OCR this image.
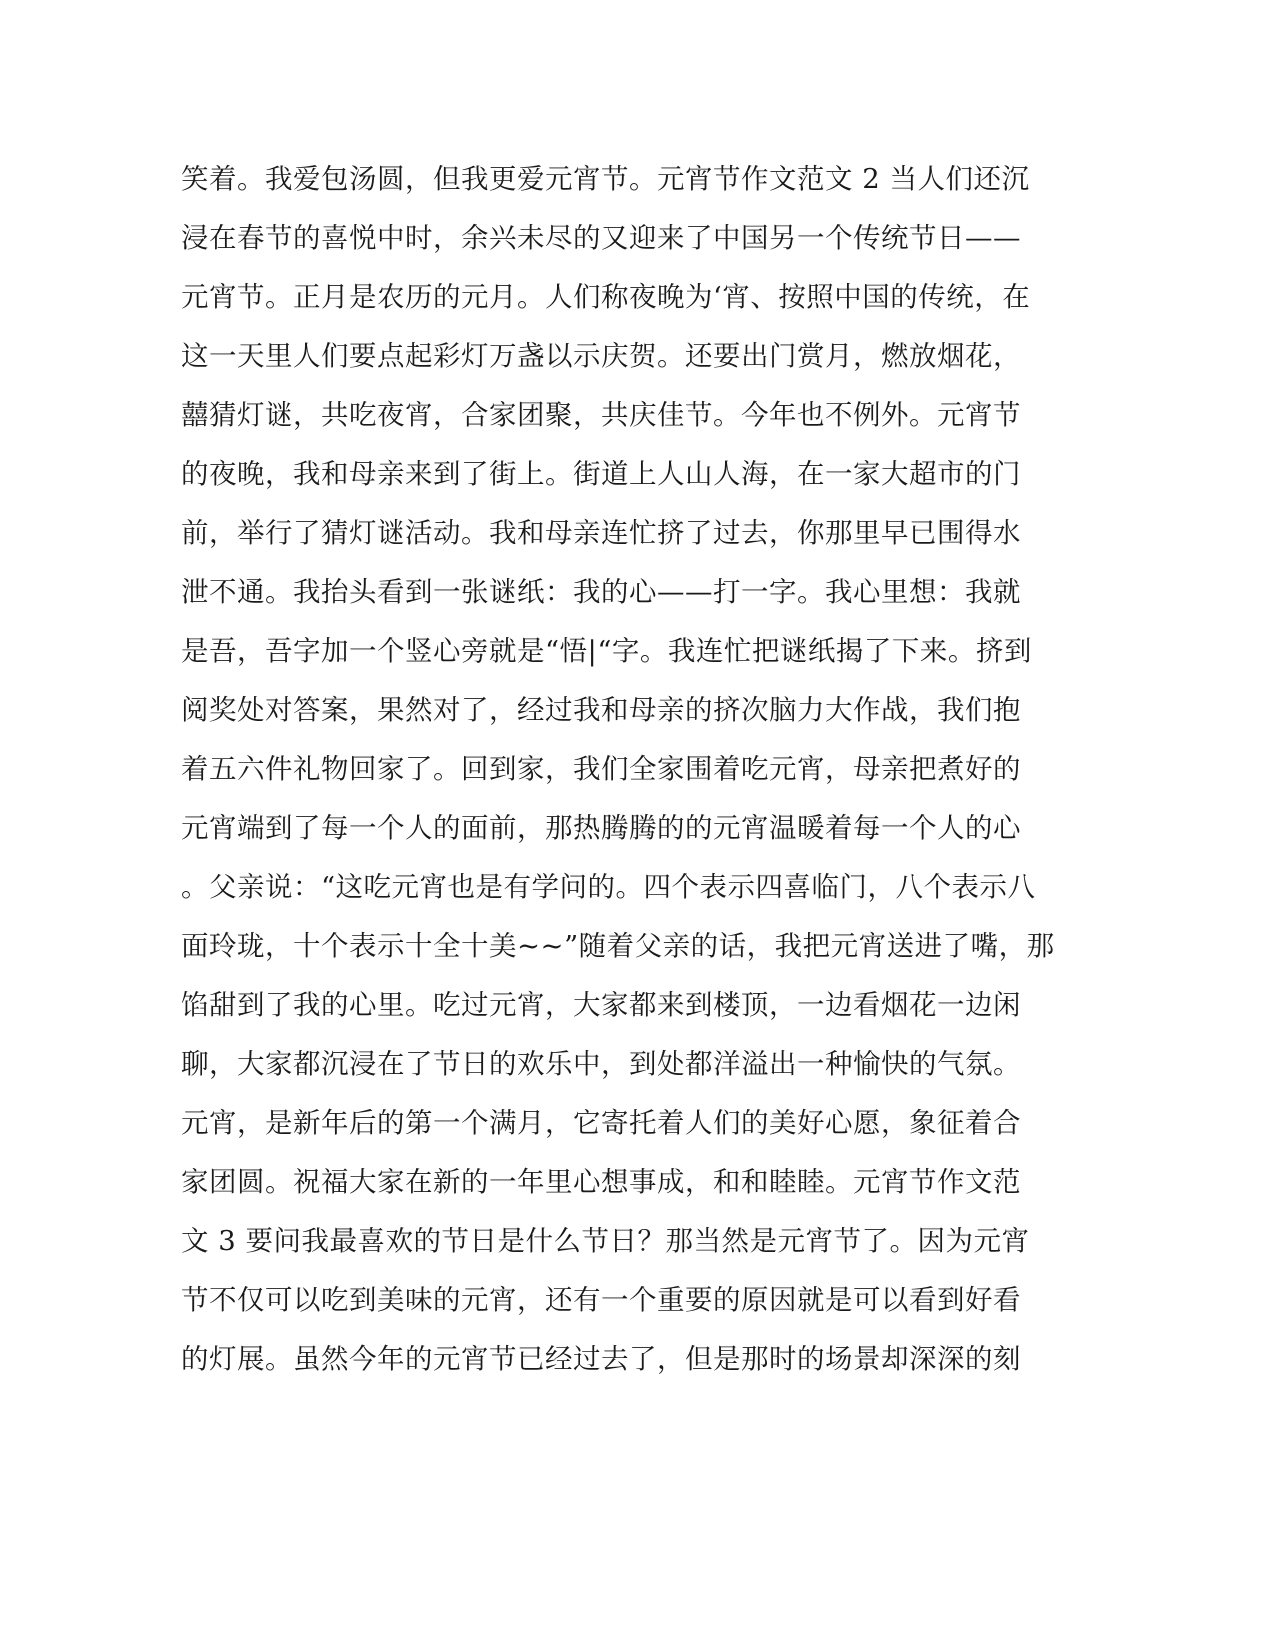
笑着。我爱包汤圆，但我更爱元宵节。元宵节作文范文 2 当人们还沉
浸在春节的喜悦中时，余兴未尽的又迎来了中国另一个传统节日——
元宵节。正月是农历的元月。人们称夜晚为‘宵、按照中国的传统，在
这一天里人们要点起彩灯万盏以示庆贺。还要出门赏月，燃放烟花，
囍猜灯谜，共吃夜宵，合家团聚，共庆佳节。今年也不例外。元宵节
的夜晚，我和母亲来到了街上。街道上人山人海，在一家大超市的门
前，举行了猜灯谜活动。我和母亲连忙挤了过去，你那里早已围得水
泄不通。我抬头看到一张谜纸：我的心——打一字。我心里想：我就
是吾，吾字加一个竖心旁就是“悟|“字。我连忙把谜纸揭了下来。挤到
阅奖处对答案，果然对了，经过我和母亲的挤次脑力大作战，我们抱
着五六件礼物回家了。回到家，我们全家围着吃元宵，母亲把煮好的
元宵端到了每一个人的面前，那热腾腾的的元宵温暖着每一个人的心
。父亲说：“这吃元宵也是有学问的。四个表示四喜临门，八个表示八
面玲珑，十个表示十全十美~~”随着父亲的话，我把元宵送进了嘴，那
馅甜到了我的心里。吃过元宵，大家都来到楼顶，一边看烟花一边闲
聊，大家都沉浸在了节日的欢乐中，到处都洋溢出一种愉快的气氛。
元宵，是新年后的第一个满月，它寄托着人们的美好心愿，象征着合
家团圆。祝福大家在新的一年里心想事成，和和睦睦。元宵节作文范
文 3 要问我最喜欢的节日是什么节日？那当然是元宵节了。因为元宵
节不仅可以吃到美味的元宵，还有一个重要的原因就是可以看到好看
的灯展。虽然今年的元宵节已经过去了，但是那时的场景却深深的刻
